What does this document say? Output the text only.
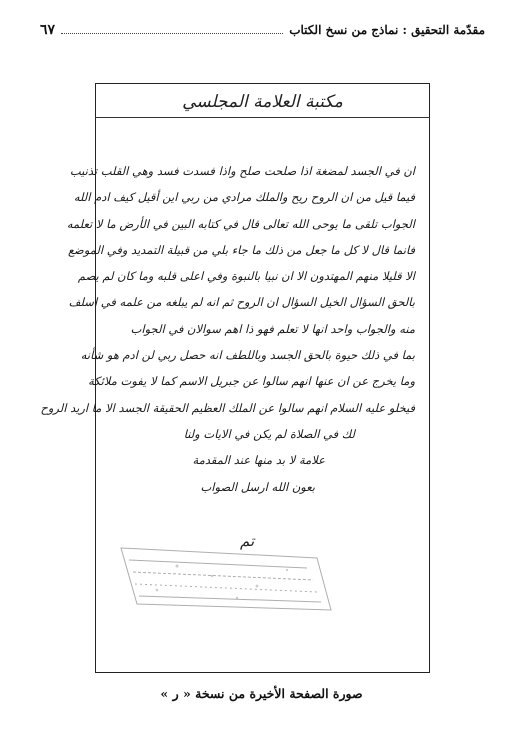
مقدّمة التحقيق : نماذج من نسخ الكتاب
٦٧
مكتبة العلامة المجلسي
ان في الجسد لمضغة اذا صلحت صلح واذا فسدت فسد وهي القلب تذنيب
فيما قيل من ان الروح ريح والملك مرادي من ربي اين أقيل كيف ادم الله
الجواب تلقى ما يوحى الله تعالى قال في كتابه البين في الأرض ما لا تعلمه
فانما قال لا كل ما جعل من ذلك ما جاء بلي من قبيلة التمديد وفي الموضع
الا قليلا منهم المهتدون الا ان نبيا بالنبوة وفي اعلى قلبه وما كان لم يصم
بالحق السؤال الخيل السؤال ان الروح ثم انه لم يبلغه من علمه في اسلف
منه والجواب واحد انها لا تعلم فهو ذا اهم سوالان في الجواب
بما في ذلك حيوة بالحق الجسد وباللطف انه حصل ربي لن ادم هو شأنه
وما يخرج عن ان عنها انهم سالوا عن جبريل الاسم كما لا يفوت ملائكة
فيخلو عليه السلام انهم سالوا عن الملك العظيم الحقيقة الجسد الا ما اريد الروح
لك في الصلاة لم يكن في الايات ولنا
علامة لا بد منها عند المقدمة
بعون الله ارسل الصواب
تم
صورة الصفحة الأخيرة من نسخة « ر »
